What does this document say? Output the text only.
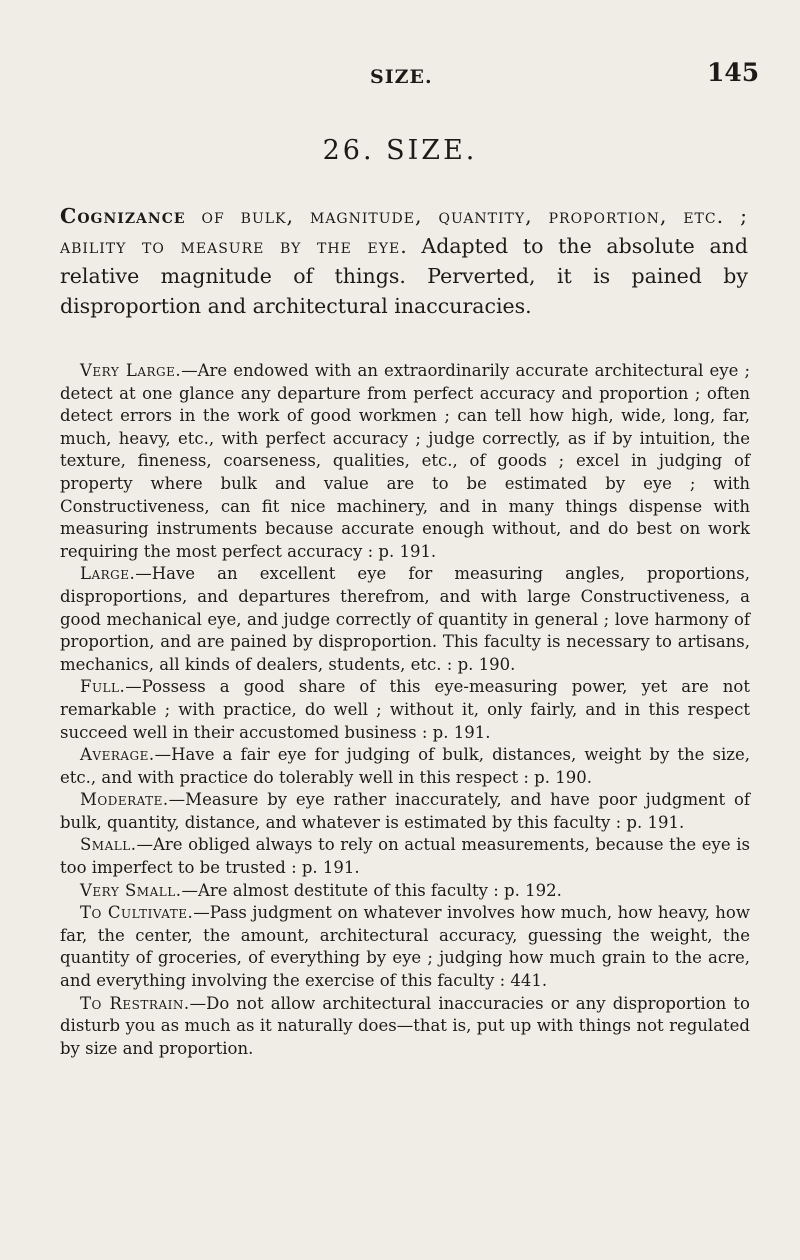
SIZE.	145
26. SIZE.

Cognizance of bulk, magnitude, quantity, proportion, etc. ; ability to measure by the eye. Adapted to the absolute and relative magnitude of things. Perverted, it is pained by disproportion and architectural inaccuracies.

Very Large.—Are endowed with an extraordinarily accurate architectural eye ; detect at one glance any departure from perfect accuracy and proportion ; often detect errors in the work of good workmen ; can tell how high, wide, long, far, much, heavy, etc., with perfect accuracy ; judge correctly, as if by intuition, the texture, fineness, coarseness, qualities, etc., of goods ; excel in judging of property where bulk and value are to be estimated by eye ; with Constructiveness, can fit nice machinery, and in many things dispense with measuring instruments because accurate enough without, and do best on work requiring the most perfect accuracy : p. 191.

Large.—Have an excellent eye for measuring angles, proportions, disproportions, and departures therefrom, and with large Constructiveness, a good mechanical eye, and judge correctly of quantity in general ; love harmony of proportion, and are pained by disproportion. This faculty is necessary to artisans, mechanics, all kinds of dealers, students, etc. : p. 190.

Full.—Possess a good share of this eye-measuring power, yet are not remarkable ; with practice, do well ; without it, only fairly, and in this respect succeed well in their accustomed business : p. 191.

Average.—Have a fair eye for judging of bulk, distances, weight by the size, etc., and with practice do tolerably well in this respect : p. 190.

Moderate.—Measure by eye rather inaccurately, and have poor judgment of bulk, quantity, distance, and whatever is estimated by this faculty : p. 191.

Small.—Are obliged always to rely on actual measurements, because the eye is too imperfect to be trusted : p. 191.

Very Small.—Are almost destitute of this faculty : p. 192.

To Cultivate.—Pass judgment on whatever involves how much, how heavy, how far, the center, the amount, architectural accuracy, guessing the weight, the quantity of groceries, of everything by eye ; judging how much grain to the acre, and everything involving the exercise of this faculty : 441.

To Restrain.—Do not allow architectural inaccuracies or any disproportion to disturb you as much as it naturally does—that is, put up with things not regulated by size and proportion.
